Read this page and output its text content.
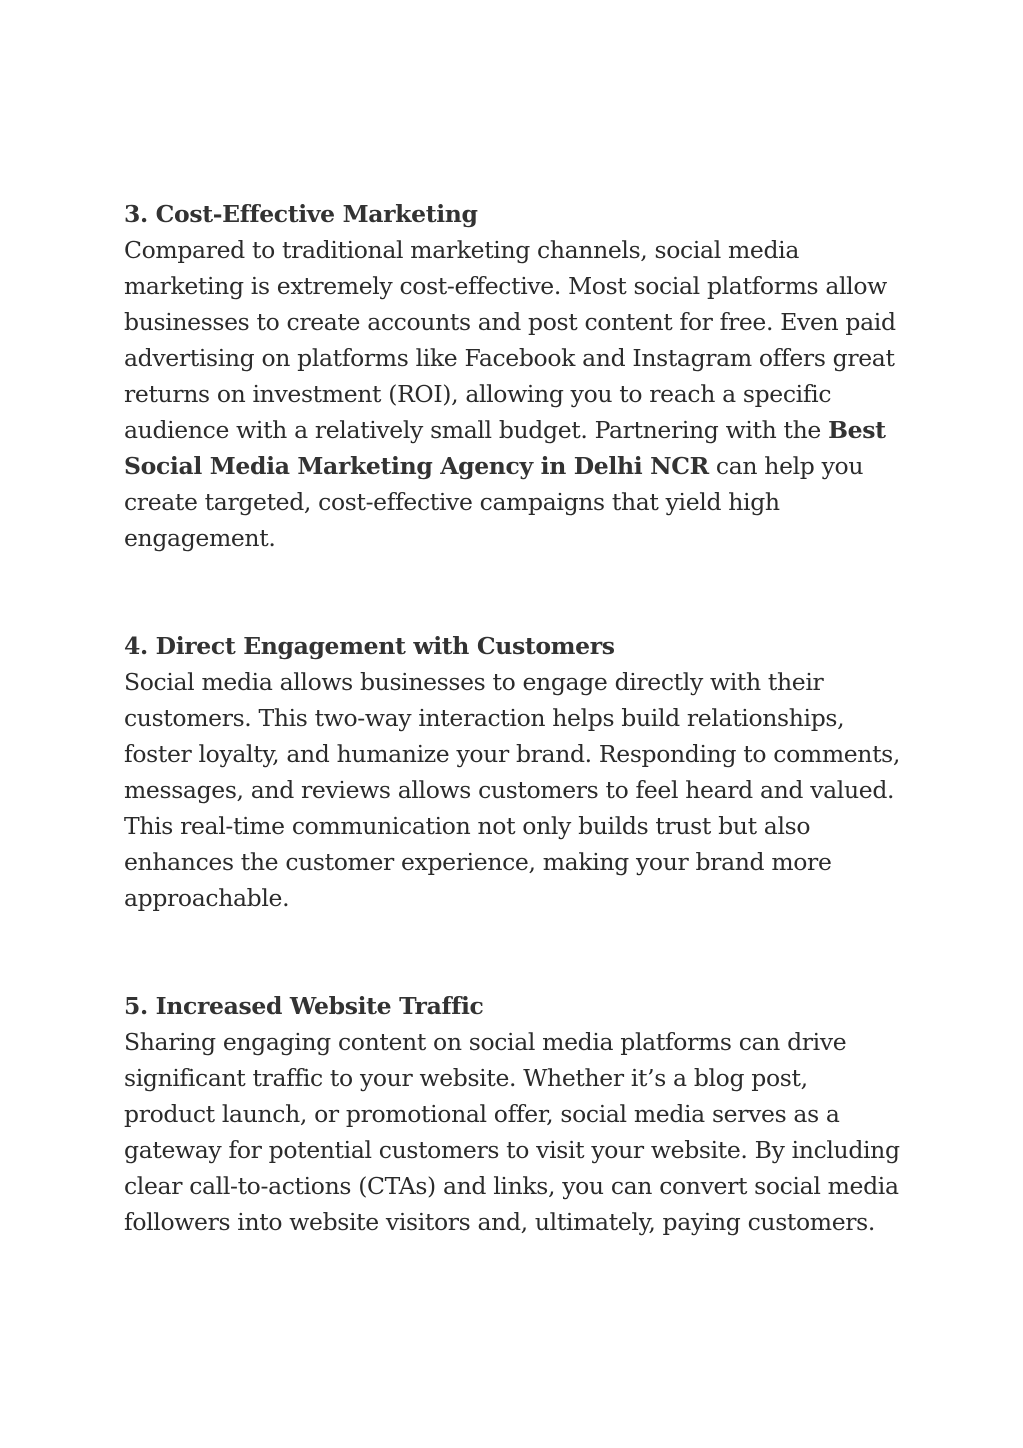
3. Cost-Effective Marketing

Compared to traditional marketing channels, social media marketing is extremely cost-effective. Most social platforms allow businesses to create accounts and post content for free. Even paid advertising on platforms like Facebook and Instagram offers great returns on investment (ROI), allowing you to reach a specific audience with a relatively small budget. Partnering with the Best Social Media Marketing Agency in Delhi NCR can help you create targeted, cost-effective campaigns that yield high engagement.

4. Direct Engagement with Customers

Social media allows businesses to engage directly with their customers. This two-way interaction helps build relationships, foster loyalty, and humanize your brand. Responding to comments, messages, and reviews allows customers to feel heard and valued. This real-time communication not only builds trust but also enhances the customer experience, making your brand more approachable.

5. Increased Website Traffic

Sharing engaging content on social media platforms can drive significant traffic to your website. Whether it’s a blog post, product launch, or promotional offer, social media serves as a gateway for potential customers to visit your website. By including clear call-to-actions (CTAs) and links, you can convert social media followers into website visitors and, ultimately, paying customers.
